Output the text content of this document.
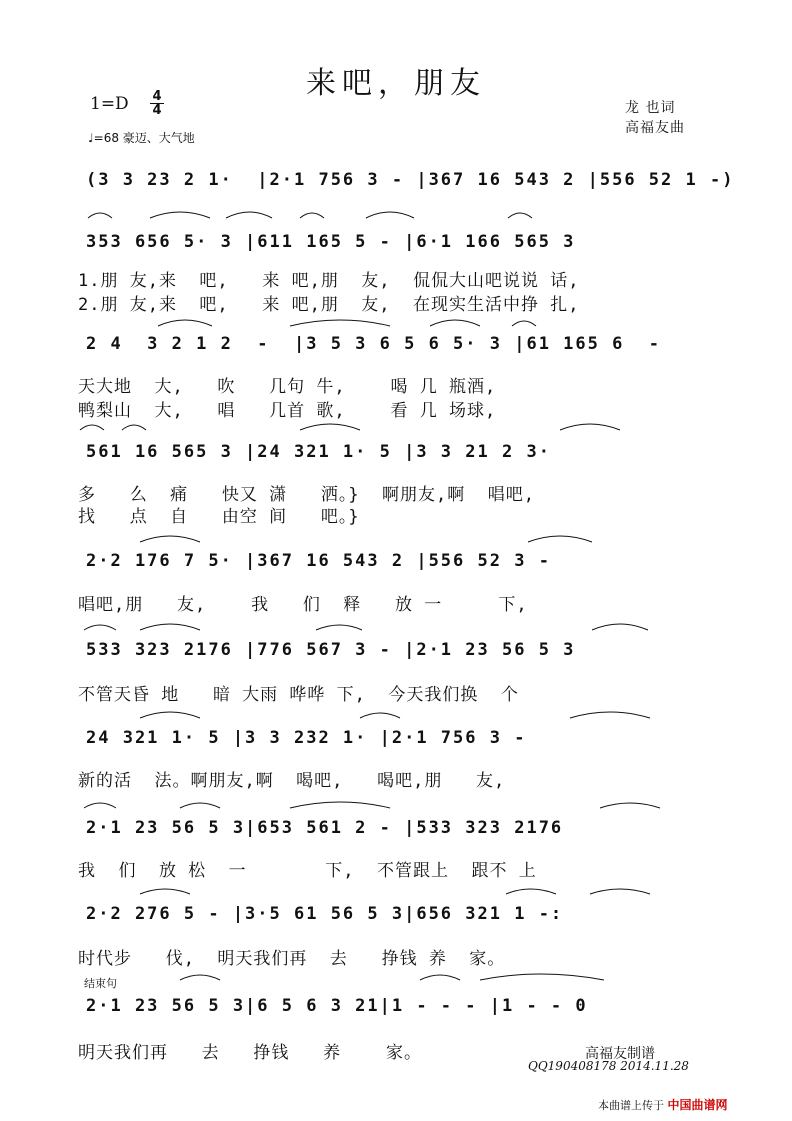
来吧，朋友
1=D 4
4
♩=68 豪迈、大气地
龙 也词
高福友曲
(3 3 23 2 1·  |2·1 756 3 - |367 16 543 2 |556 52 1 -)
353 656 5· 3 |611 165 5 - |6·1 166 565 3
1.朋 友,来  吧,   来 吧,朋  友,  侃侃大山吧说说 话,
2.朋 友,来  吧,   来 吧,朋  友,  在现实生活中挣 扎,
2 4  3 2 1 2  -  |3 5 3 6 5 6 5· 3 |61 165 6  -
天大地  大,   吹   几句 牛,    喝 几 瓶酒,
鸭梨山  大,   唱   几首 歌,    看 几 场球,
561 16 565 3 |24 321 1· 5 |3 3 21 2 3·
多   么  痛   快又 潇   洒。}  啊朋友,啊  唱吧,
找   点  自   由空 间   吧。}
2·2 176 7 5· |367 16 543 2 |556 52 3 -
唱吧,朋   友,    我   们  释   放 一     下,
533 323 2176 |776 567 3 - |2·1 23 56 5 3
不管天昏 地   暗 大雨 哗哗 下,  今天我们换  个
24 321 1· 5 |3 3 232 1· |2·1 756 3 -
新的活  法。啊朋友,啊  喝吧,   喝吧,朋   友,
2·1 23 56 5 3|653 561 2 - |533 323 2176
我  们  放 松  一       下,  不管跟上  跟不 上
2·2 276 5 - |3·5 61 56 5 3|656 321 1 -:
时代步   伐,  明天我们再  去   挣钱 养  家。
结束句
2·1 23 56 5 3|6 5 6 3 21|1 - - - |1 - - 0
明天我们再   去   挣钱   养    家。	高福友制谱
QQ190408178 2014.11.28
本曲谱上传于 中国曲谱网
